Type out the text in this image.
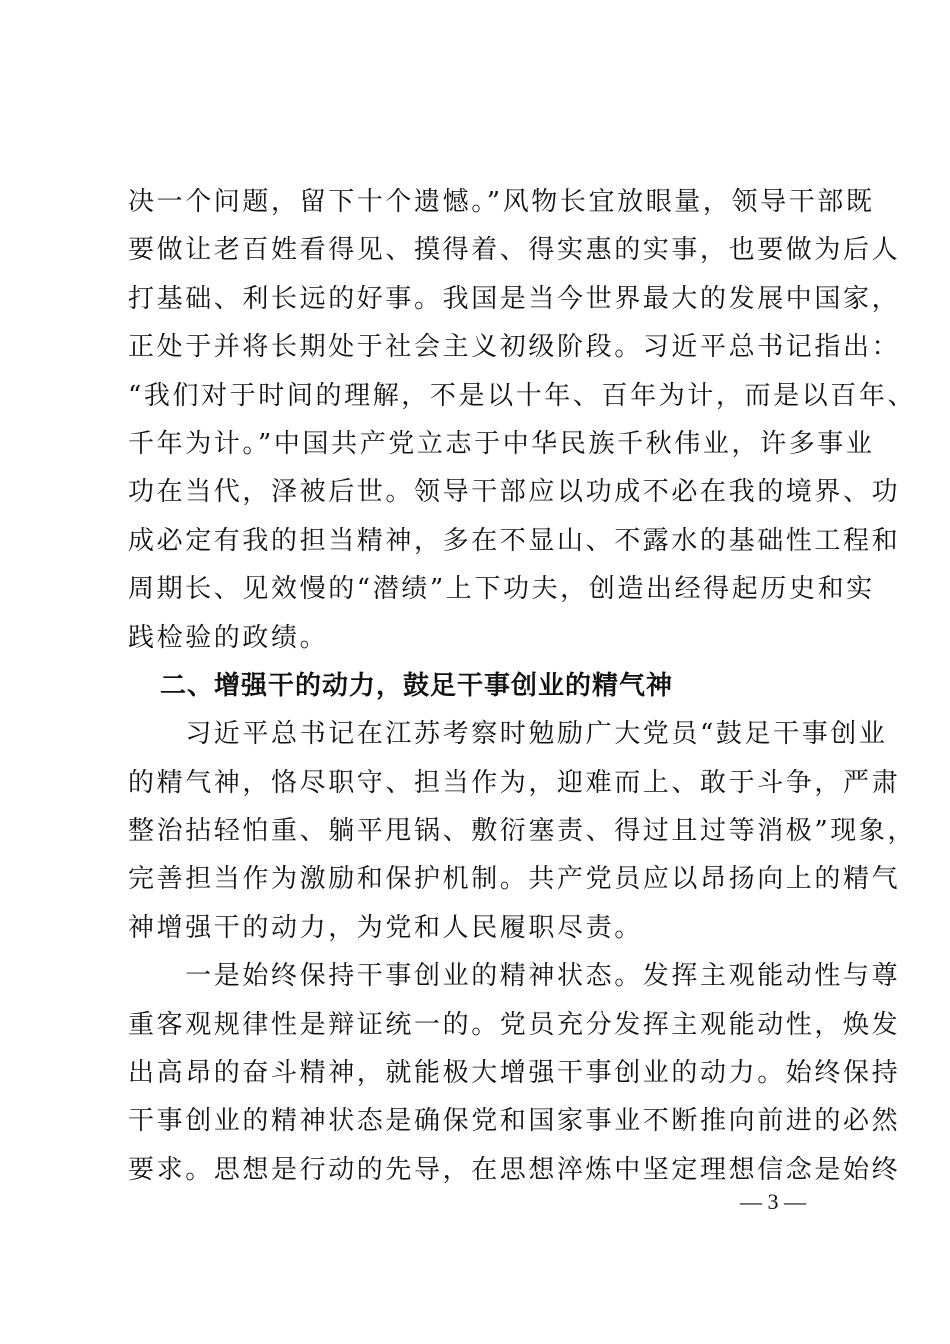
决一个问题，留下十个遗憾。”风物长宜放眼量，领导干部既
要做让老百姓看得见、摸得着、得实惠的实事，也要做为后人
打基础、利长远的好事。我国是当今世界最大的发展中国家，
正处于并将长期处于社会主义初级阶段。习近平总书记指出：
“我们对于时间的理解，不是以十年、百年为计，而是以百年、
千年为计。”中国共产党立志于中华民族千秋伟业，许多事业
功在当代，泽被后世。领导干部应以功成不必在我的境界、功
成必定有我的担当精神，多在不显山、不露水的基础性工程和
周期长、见效慢的“潜绩”上下功夫，创造出经得起历史和实
践检验的政绩。
二、增强干的动力，鼓足干事创业的精气神
　　习近平总书记在江苏考察时勉励广大党员“鼓足干事创业
的精气神，恪尽职守、担当作为，迎难而上、敢于斗争，严肃
整治拈轻怕重、躺平甩锅、敷衍塞责、得过且过等消极”现象，
完善担当作为激励和保护机制。共产党员应以昂扬向上的精气
神增强干的动力，为党和人民履职尽责。
　　一是始终保持干事创业的精神状态。发挥主观能动性与尊
重客观规律性是辩证统一的。党员充分发挥主观能动性，焕发
出高昂的奋斗精神，就能极大增强干事创业的动力。始终保持
干事创业的精神状态是确保党和国家事业不断推向前进的必然
要求。思想是行动的先导，在思想淬炼中坚定理想信念是始终
— 3 —
